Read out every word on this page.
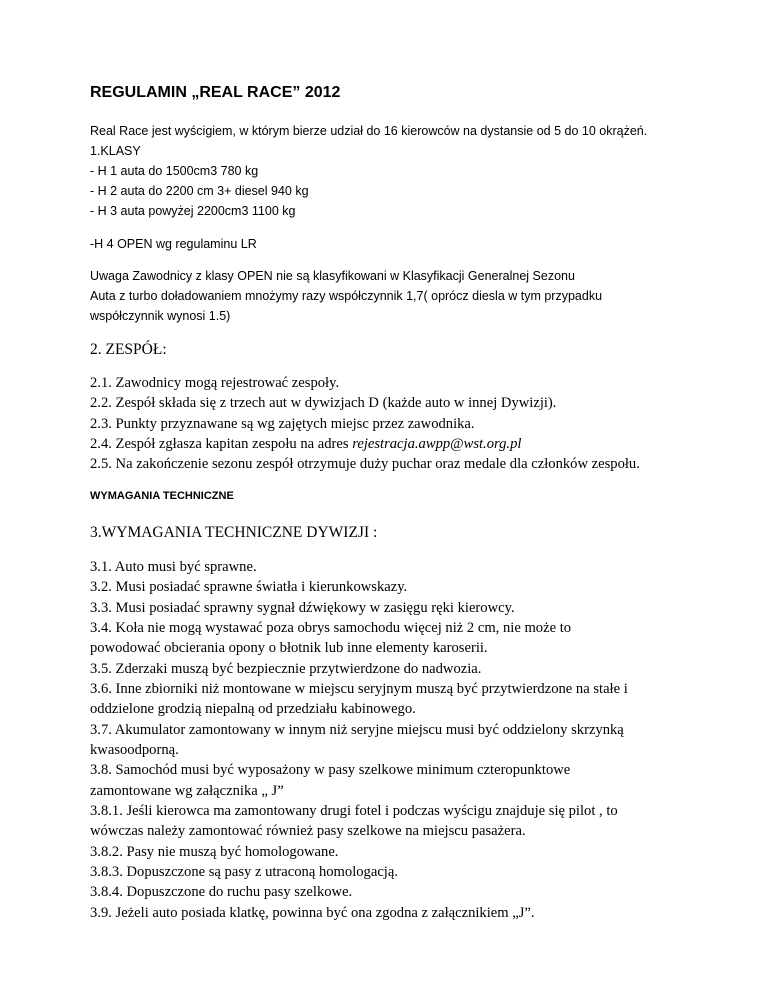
REGULAMIN „REAL RACE” 2012
Real Race jest wyścigiem, w którym bierze udział do 16 kierowców na dystansie od 5 do 10 okrążeń.
1.KLASY
- H 1 auta do 1500cm3 780 kg
- H 2 auta do 2200 cm 3+ diesel 940 kg
- H 3 auta powyżej 2200cm3 1100 kg
-H 4 OPEN wg regulaminu LR
Uwaga Zawodnicy z klasy OPEN nie są klasyfikowani w Klasyfikacji Generalnej Sezonu
Auta z turbo doładowaniem mnożymy razy współczynnik 1,7( oprócz diesla w tym przypadku
współczynnik wynosi 1.5)
2. ZESPÓŁ:
2.1. Zawodnicy mogą rejestrować zespoły.
2.2. Zespół składa się z trzech aut w dywizjach D (każde auto w innej Dywizji).
2.3. Punkty przyznawane są wg zajętych miejsc przez zawodnika.
2.4. Zespół zgłasza kapitan zespołu na adres rejestracja.awpp@wst.org.pl
2.5. Na zakończenie sezonu zespół otrzymuje duży puchar oraz medale dla członków zespołu.
WYMAGANIA TECHNICZNE
3.WYMAGANIA TECHNICZNE DYWIZJI :
3.1. Auto musi być sprawne.
3.2. Musi posiadać sprawne światła i kierunkowskazy.
3.3. Musi posiadać sprawny sygnał dźwiękowy w zasięgu ręki kierowcy.
3.4. Koła nie mogą wystawać poza obrys samochodu więcej niż 2 cm, nie może to
powodować obcierania opony o błotnik lub inne elementy karoserii.
3.5. Zderzaki muszą być bezpiecznie przytwierdzone do nadwozia.
3.6. Inne zbiorniki niż montowane w miejscu seryjnym muszą być przytwierdzone na stałe i
oddzielone grodzią niepalną od przedziału kabinowego.
3.7. Akumulator zamontowany w innym niż seryjne miejscu musi być oddzielony skrzynką
kwasoodporną.
3.8. Samochód musi być wyposażony w pasy szelkowe minimum czteropunktowe
zamontowane wg załącznika „ J”
3.8.1. Jeśli kierowca ma zamontowany drugi fotel i podczas wyścigu znajduje się pilot , to
wówczas należy zamontować również pasy szelkowe na miejscu pasażera.
3.8.2. Pasy nie muszą być homologowane.
3.8.3. Dopuszczone są pasy z utraconą homologacją.
3.8.4. Dopuszczone do ruchu pasy szelkowe.
3.9. Jeżeli auto posiada klatkę, powinna być ona zgodna z załącznikiem „J”.
